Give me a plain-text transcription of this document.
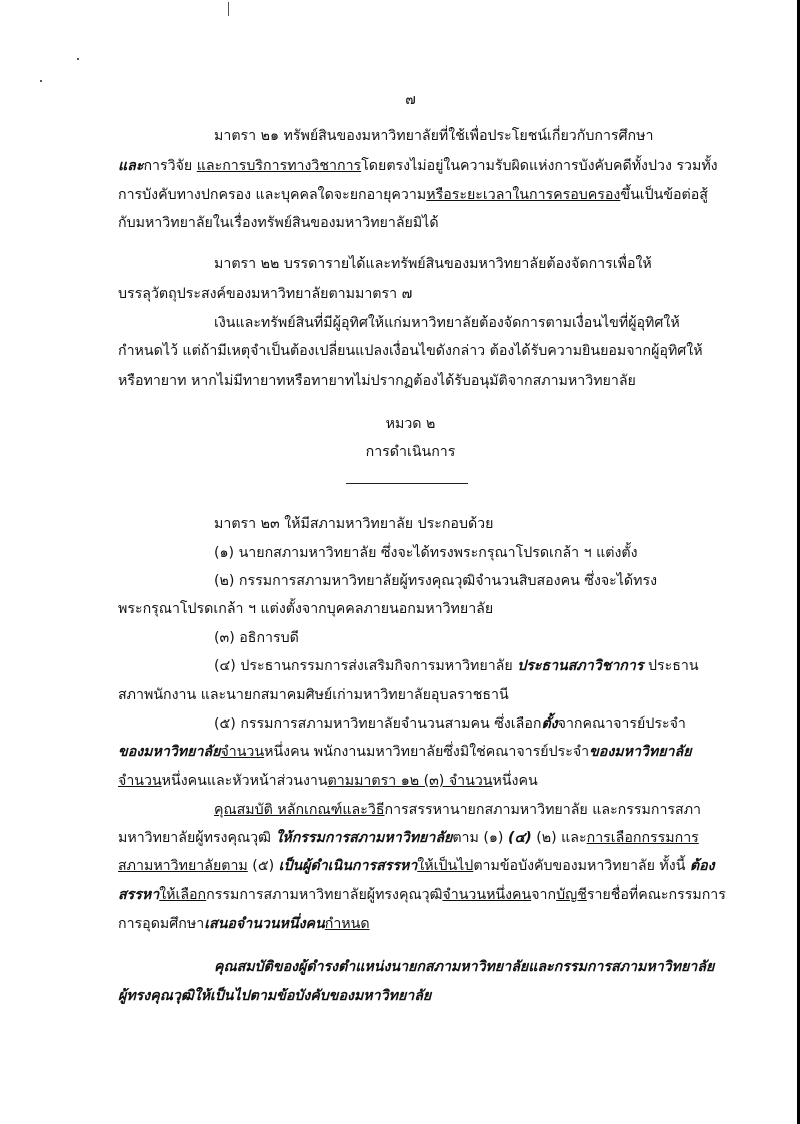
๗
มาตรา ๒๑ ทรัพย์สินของมหาวิทยาลัยที่ใช้เพื่อประโยชน์เกี่ยวกับการศึกษา
และการวิจัย และการบริการทางวิชาการโดยตรงไม่อยู่ในความรับผิดแห่งการบังคับคดีทั้งปวง รวมทั้ง
การบังคับทางปกครอง และบุคคลใดจะยกอายุความหรือระยะเวลาในการครอบครองขึ้นเป็นข้อต่อสู้
กับมหาวิทยาลัยในเรื่องทรัพย์สินของมหาวิทยาลัยมิได้
มาตรา ๒๒ บรรดารายได้และทรัพย์สินของมหาวิทยาลัยต้องจัดการเพื่อให้
บรรลุวัตถุประสงค์ของมหาวิทยาลัยตามมาตรา ๗
เงินและทรัพย์สินที่มีผู้อุทิศให้แก่มหาวิทยาลัยต้องจัดการตามเงื่อนไขที่ผู้อุทิศให้
กำหนดไว้ แต่ถ้ามีเหตุจำเป็นต้องเปลี่ยนแปลงเงื่อนไขดังกล่าว ต้องได้รับความยินยอมจากผู้อุทิศให้
หรือทายาท หากไม่มีทายาทหรือทายาทไม่ปรากฏต้องได้รับอนุมัติจากสภามหาวิทยาลัย
หมวด ๒
การดำเนินการ
มาตรา ๒๓ ให้มีสภามหาวิทยาลัย ประกอบด้วย
(๑) นายกสภามหาวิทยาลัย ซึ่งจะได้ทรงพระกรุณาโปรดเกล้า ฯ แต่งตั้ง
(๒) กรรมการสภามหาวิทยาลัยผู้ทรงคุณวุฒิจำนวนสิบสองคน ซึ่งจะได้ทรง
พระกรุณาโปรดเกล้า ฯ แต่งตั้งจากบุคคลภายนอกมหาวิทยาลัย
(๓) อธิการบดี
(๔) ประธานกรรมการส่งเสริมกิจการมหาวิทยาลัย ประธานสภาวิชาการ ประธาน
สภาพนักงาน และนายกสมาคมศิษย์เก่ามหาวิทยาลัยอุบลราชธานี
(๕) กรรมการสภามหาวิทยาลัยจำนวนสามคน ซึ่งเลือกตั้งจากคณาจารย์ประจำ
ของมหาวิทยาลัยจำนวนหนึ่งคน พนักงานมหาวิทยาลัยซึ่งมิใช่คณาจารย์ประจำของมหาวิทยาลัย
จำนวนหนึ่งคนและหัวหน้าส่วนงานตามมาตรา ๑๒ (๓) จำนวนหนึ่งคน
คุณสมบัติ หลักเกณฑ์และวิธีการสรรหานายกสภามหาวิทยาลัย และกรรมการสภา
มหาวิทยาลัยผู้ทรงคุณวุฒิ ให้กรรมการสภามหาวิทยาลัยตาม (๑) (๔) (๒) และการเลือกกรรมการ
สภามหาวิทยาลัยตาม (๕) เป็นผู้ดำเนินการสรรหาให้เป็นไปตามข้อบังคับของมหาวิทยาลัย ทั้งนี้ ต้อง
สรรหาให้เลือกกรรมการสภามหาวิทยาลัยผู้ทรงคุณวุฒิจำนวนหนึ่งคนจากบัญชีรายชื่อที่คณะกรรมการ
การอุดมศึกษาเสนอจำนวนหนึ่งคนกำหนด
คุณสมบัติของผู้ดำรงตำแหน่งนายกสภามหาวิทยาลัยและกรรมการสภามหาวิทยาลัย
ผู้ทรงคุณวุฒิให้เป็นไปตามข้อบังคับของมหาวิทยาลัย
